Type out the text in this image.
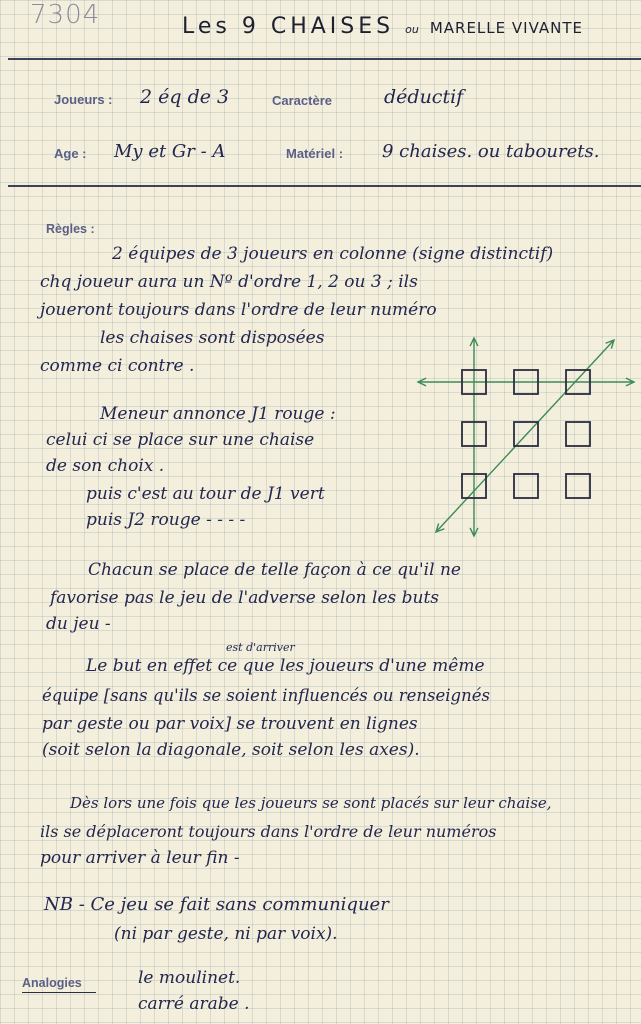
7304	Les 9 CHAISES ou MARELLE VIVANTE
Joueurs : 2 éq de 3	Caractère	déductif
Age : My et Gr - A	Matériel : 9 chaises. ou tabourets.
Règles :
2 équipes de 3 joueurs en colonne (signe distinctif)
chq joueur aura un Nº d'ordre 1, 2 ou 3 ; ils
joueront toujours dans l'ordre de leur numéro
les chaises sont disposées
comme ci contre .
Meneur annonce J1 rouge :
celui ci se place sur une chaise
de son choix .
puis c'est au tour de J1 vert
puis J2 rouge - - - -
Chacun se place de telle façon à ce qu'il ne
favorise pas le jeu de l'adverse selon les buts
du jeu -
est d'arriver
Le but en effet ce que les joueurs d'une même
équipe [sans qu'ils se soient influencés ou renseignés
par geste ou par voix] se trouvent en lignes
(soit selon la diagonale, soit selon les axes).
Dès lors une fois que les joueurs se sont placés sur leur chaise,
ils se déplaceront toujours dans l'ordre de leur numéros
pour arriver à leur fin -
NB - Ce jeu se fait sans communiquer
(ni par geste, ni par voix).
Analogies	le moulinet.
carré arabe .
